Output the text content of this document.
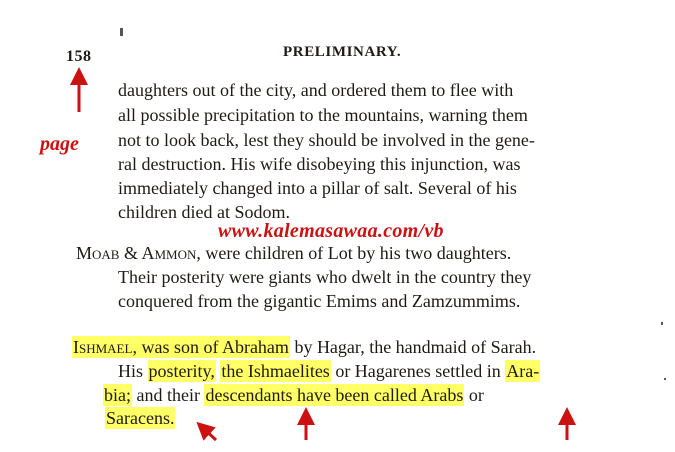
158	PRELIMINARY.
daughters out of the city, and ordered them to flee with
all possible precipitation to the mountains, warning them
not to look back, lest they should be involved in the gene-
ral destruction. His wife disobeying this injunction, was
immediately changed into a pillar of salt. Several of his
children died at Sodom.
www.kalemasawaa.com/vb
Moab & Ammon, were children of Lot by his two daughters.
Their posterity were giants who dwelt in the country they
conquered from the gigantic Emims and Zamzummims.
Ishmael, was son of Abraham by Hagar, the handmaid of Sarah.
His posterity, the Ishmaelites or Hagarenes settled in Ara-
bia; and their descendants have been called Arabs or
Saracens.
page
